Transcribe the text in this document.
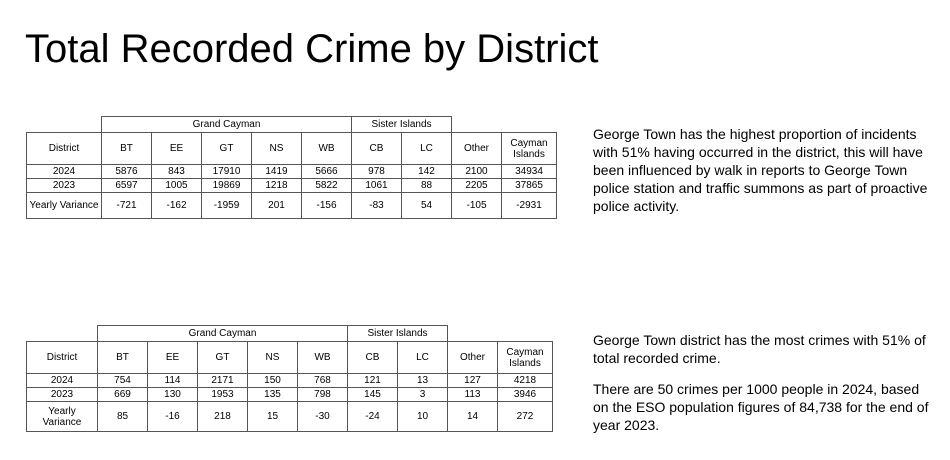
Total Recorded Crime by District
	Grand Cayman					Sister Islands			
District	BT	EE	GT	NS	WB	CB	LC	Other	Cayman Islands
2024	5876	843	17910	1419	5666	978	142	2100	34934
2023	6597	1005	19869	1218	5822	1061	88	2205	37865
Yearly Variance	-721	-162	-1959	201	-156	-83	54	-105	-2931
George Town has the highest proportion of incidents with 51% having occurred in the district, this will have been influenced by walk in reports to George Town police station and traffic summons as part of proactive police activity.
	Grand Cayman					Sister Islands			
District	BT	EE	GT	NS	WB	CB	LC	Other	Cayman Islands
2024	754	114	2171	150	768	121	13	127	4218
2023	669	130	1953	135	798	145	3	113	3946
Yearly Variance	85	-16	218	15	-30	-24	10	14	272
George Town district has the most crimes with 51% of total recorded crime.
There are 50 crimes per 1000 people in 2024, based on the ESO population figures of 84,738 for the end of year 2023.
